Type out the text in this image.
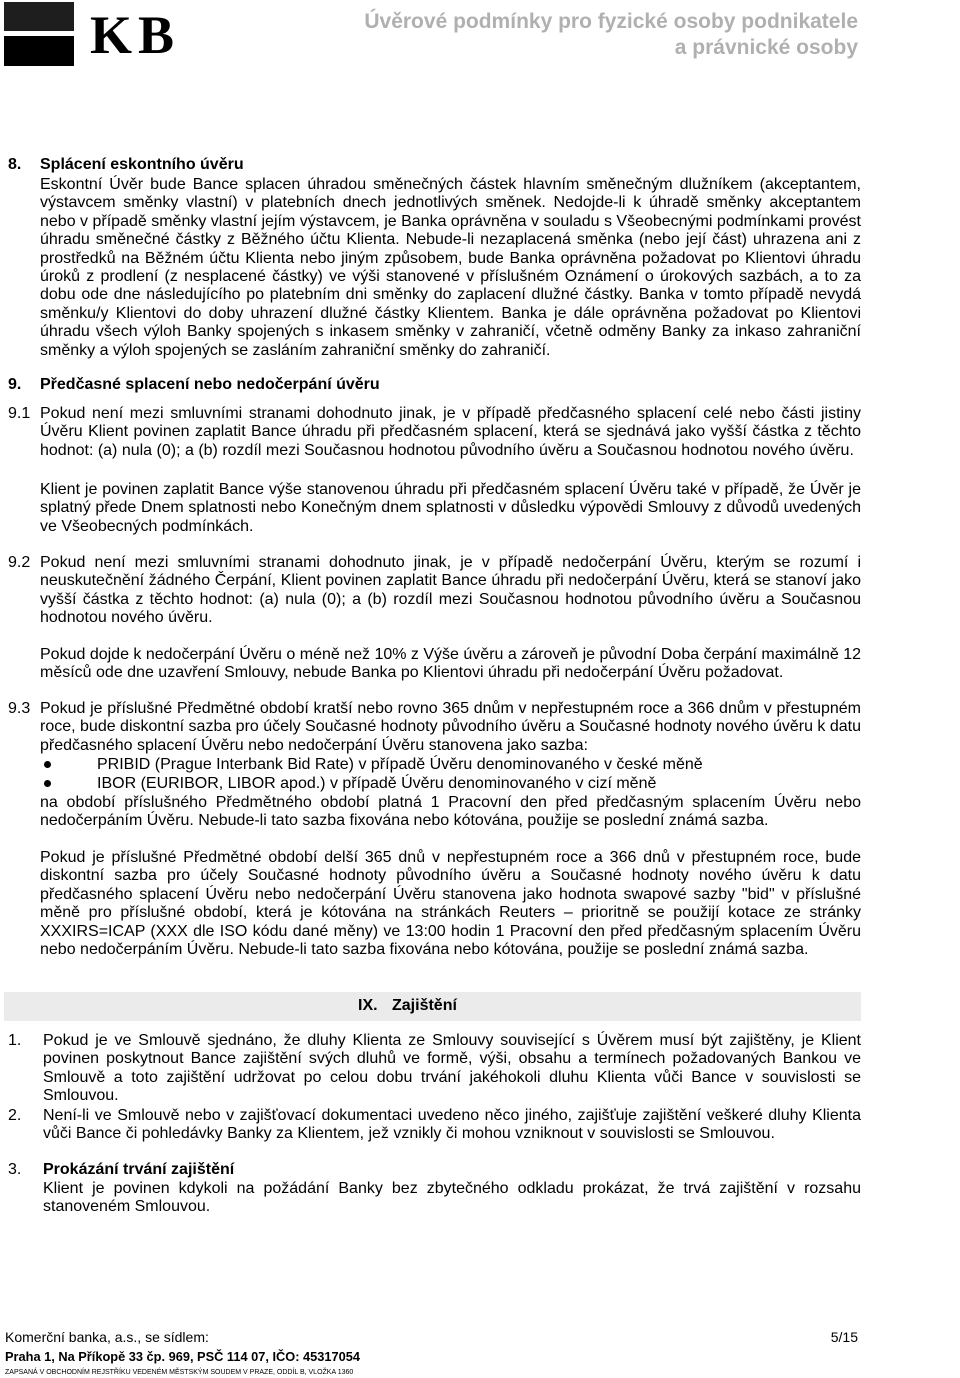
KB	Úvěrové podmínky pro fyzické osoby podnikatele
a právnické osoby
8. Splácení eskontního úvěru

Eskontní Úvěr bude Bance splacen úhradou směnečných částek hlavním směnečným dlužníkem (akceptantem, výstavcem směnky vlastní) v platebních dnech jednotlivých směnek. Nedojde-li k úhradě směnky akceptantem nebo v případě směnky vlastní jejím výstavcem, je Banka oprávněna v souladu s Všeobecnými podmínkami provést úhradu směnečné částky z Běžného účtu Klienta. Nebude-li nezaplacená směnka (nebo její část) uhrazena ani z prostředků na Běžném účtu Klienta nebo jiným způsobem, bude Banka oprávněna požadovat po Klientovi úhradu úroků z prodlení (z nesplacené částky) ve výši stanovené v příslušném Oznámení o úrokových sazbách, a to za dobu ode dne následujícího po platebním dni směnky do zaplacení dlužné částky. Banka v tomto případě nevydá směnku/y Klientovi do doby uhrazení dlužné částky Klientem. Banka je dále oprávněna požadovat po Klientovi úhradu všech výloh Banky spojených s inkasem směnky v zahraničí, včetně odměny Banky za inkaso zahraniční směnky a výloh spojených se zasláním zahraniční směnky do zahraničí.

9. Předčasné splacení nebo nedočerpání úvěru
9.1 Pokud není mezi smluvními stranami dohodnuto jinak, je v případě předčasného splacení celé nebo části jistiny Úvěru Klient povinen zaplatit Bance úhradu při předčasném splacení, která se sjednává jako vyšší částka z těchto hodnot: (a) nula (0); a (b) rozdíl mezi Současnou hodnotou původního úvěru a Současnou hodnotou nového úvěru.

Klient je povinen zaplatit Bance výše stanovenou úhradu při předčasném splacení Úvěru také v případě, že Úvěr je splatný přede Dnem splatnosti nebo Konečným dnem splatnosti v důsledku výpovědi Smlouvy z důvodů uvedených ve Všeobecných podmínkách.

9.2 Pokud není mezi smluvními stranami dohodnuto jinak, je v případě nedočerpání Úvěru, kterým se rozumí i neuskutečnění žádného Čerpání, Klient povinen zaplatit Bance úhradu při nedočerpání Úvěru, která se stanoví jako vyšší částka z těchto hodnot: (a) nula (0); a (b) rozdíl mezi Současnou hodnotou původního úvěru a Současnou hodnotou nového úvěru.

Pokud dojde k nedočerpání Úvěru o méně než 10% z Výše úvěru a zároveň je původní Doba čerpání maximálně 12 měsíců ode dne uzavření Smlouvy, nebude Banka po Klientovi úhradu při nedočerpání Úvěru požadovat.

9.3 Pokud je příslušné Předmětné období kratší nebo rovno 365 dnům v nepřestupném roce a 366 dnům v přestupném roce, bude diskontní sazba pro účely Současné hodnoty původního úvěru a Současné hodnoty nového úvěru k datu předčasného splacení Úvěru nebo nedočerpání Úvěru stanovena jako sazba:

PRIBID (Prague Interbank Bid Rate) v případě Úvěru denominovaného v české měně

IBOR (EURIBOR, LIBOR apod.) v případě Úvěru denominovaného v cizí měně

na období příslušného Předmětného období platná 1 Pracovní den před předčasným splacením Úvěru nebo nedočerpáním Úvěru. Nebude-li tato sazba fixována nebo kótována, použije se poslední známá sazba.

Pokud je příslušné Předmětné období delší 365 dnů v nepřestupném roce a 366 dnů v přestupném roce, bude diskontní sazba pro účely Současné hodnoty původního úvěru a Současné hodnoty nového úvěru k datu předčasného splacení Úvěru nebo nedočerpání Úvěru stanovena jako hodnota swapové sazby "bid" v příslušné měně pro příslušné období, která je kótována na stránkách Reuters – prioritně se použijí kotace ze stránky XXXIRS=ICAP (XXX dle ISO kódu dané měny) ve 13:00 hodin 1 Pracovní den před předčasným splacením Úvěru nebo nedočerpáním Úvěru. Nebude-li tato sazba fixována nebo kótována, použije se poslední známá sazba.

IX. Zajištění
1. Pokud je ve Smlouvě sjednáno, že dluhy Klienta ze Smlouvy související s Úvěrem musí být zajištěny, je Klient povinen poskytnout Bance zajištění svých dluhů ve formě, výši, obsahu a termínech požadovaných Bankou ve Smlouvě a toto zajištění udržovat po celou dobu trvání jakéhokoli dluhu Klienta vůči Bance v souvislosti se Smlouvou.

2. Není-li ve Smlouvě nebo v zajišťovací dokumentaci uvedeno něco jiného, zajišťuje zajištění veškeré dluhy Klienta vůči Bance či pohledávky Banky za Klientem, jež vznikly či mohou vzniknout v souvislosti se Smlouvou.

3. Prokázání trvání zajištění

Klient je povinen kdykoli na požádání Banky bez zbytečného odkladu prokázat, že trvá zajištění v rozsahu stanoveném Smlouvou.

Komerční banka, a.s., se sídlem:	5/15

Praha 1, Na Příkopě 33 čp. 969, PSČ 114 07, IČO: 45317054

ZAPSANÁ V OBCHODNÍM REJSTŘÍKU VEDENÉM MĚSTSKÝM SOUDEM V PRAZE, ODDÍL B, VLOŽKA 1360
